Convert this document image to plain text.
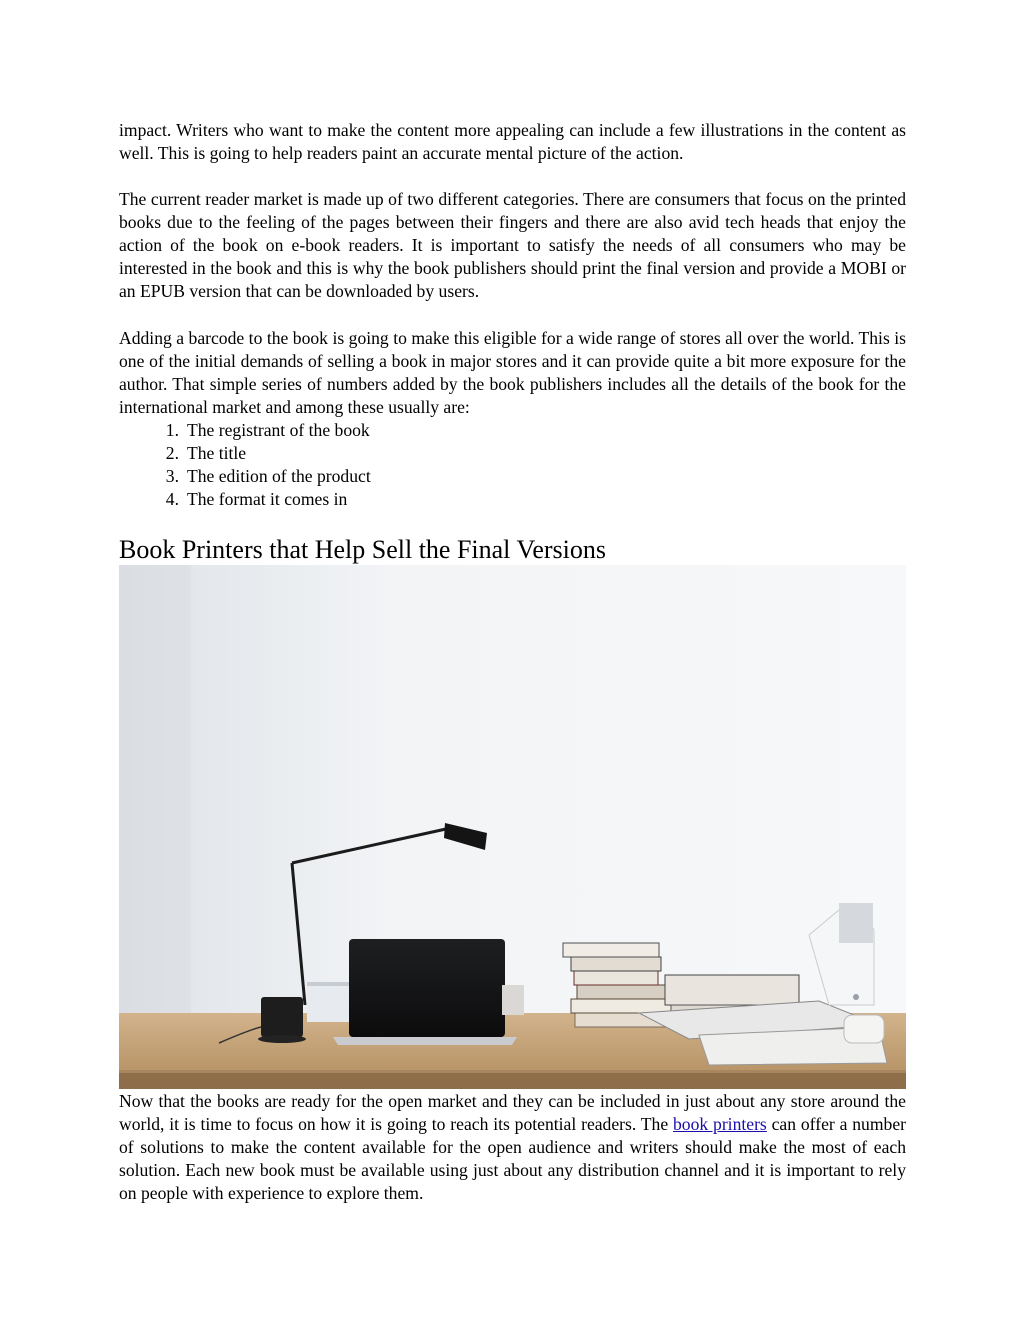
impact. Writers who want to make the content more appealing can include a few illustrations in the content as well. This is going to help readers paint an accurate mental picture of the action.

The current reader market is made up of two different categories. There are consumers that focus on the printed books due to the feeling of the pages between their fingers and there are also avid tech heads that enjoy the action of the book on e-book readers. It is important to satisfy the needs of all consumers who may be interested in the book and this is why the book publishers should print the final version and provide a MOBI or an EPUB version that can be downloaded by users.

Adding a barcode to the book is going to make this eligible for a wide range of stores all over the world. This is one of the initial demands of selling a book in major stores and it can provide quite a bit more exposure for the author. That simple series of numbers added by the book publishers includes all the details of the book for the international market and among these usually are:

1. The registrant of the book
2. The title
3. The edition of the product
4. The format it comes in
Book Printers that Help Sell the Final Versions

Now that the books are ready for the open market and they can be included in just about any store around the world, it is time to focus on how it is going to reach its potential readers. The book printers can offer a number of solutions to make the content available for the open audience and writers should make the most of each solution. Each new book must be available using just about any distribution channel and it is important to rely on people with experience to explore them.
